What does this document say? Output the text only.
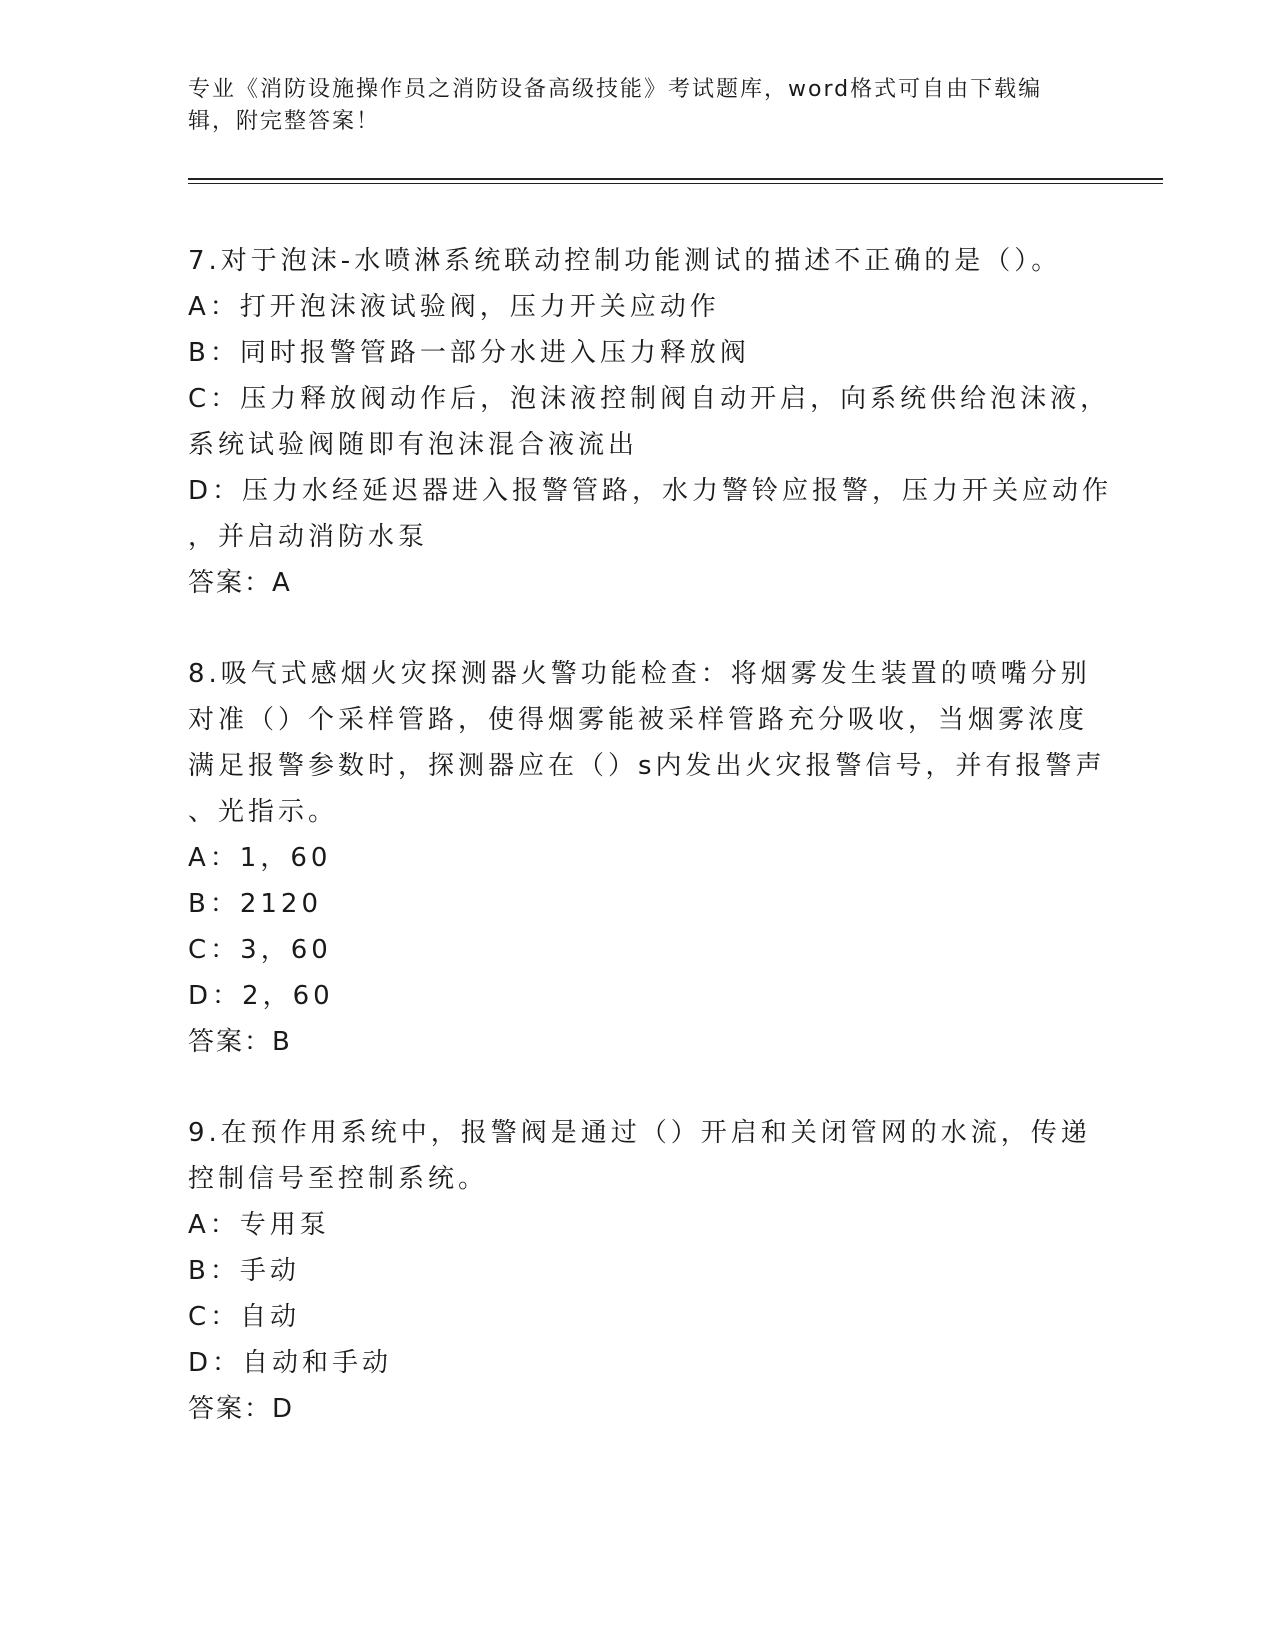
专业《消防设施操作员之消防设备高级技能》考试题库，word格式可自由下载编
辑，附完整答案！
7.对于泡沫-水喷淋系统联动控制功能测试的描述不正确的是（）。
A：打开泡沫液试验阀，压力开关应动作
B：同时报警管路一部分水进入压力释放阀
C：压力释放阀动作后，泡沫液控制阀自动开启，向系统供给泡沫液，
系统试验阀随即有泡沫混合液流出
D：压力水经延迟器进入报警管路，水力警铃应报警，压力开关应动作
，并启动消防水泵
答案：A
8.吸气式感烟火灾探测器火警功能检查：将烟雾发生装置的喷嘴分别
对准（）个采样管路，使得烟雾能被采样管路充分吸收，当烟雾浓度
满足报警参数时，探测器应在（）s内发出火灾报警信号，并有报警声
、光指示。
A：1，60
B：2120
C：3，60
D：2，60
答案：B
9.在预作用系统中，报警阀是通过（）开启和关闭管网的水流，传递
控制信号至控制系统。
A：专用泵
B：手动
C：自动
D：自动和手动
答案：D
